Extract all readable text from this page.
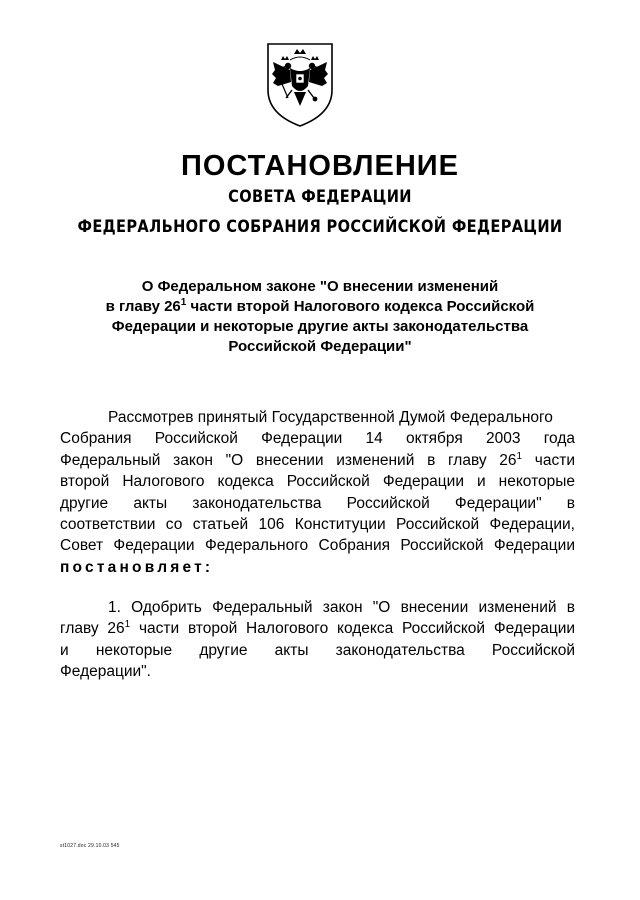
ПОСТАНОВЛЕНИЕ
СОВЕТА ФЕДЕРАЦИИ
ФЕДЕРАЛЬНОГО СОБРАНИЯ РОССИЙСКОЙ ФЕДЕРАЦИИ
О Федеральном законе "О внесении изменений
в главу $26^1$ части второй Налогового кодекса Российской
Федерации и некоторые другие акты законодательства
Российской Федерации"
Рассмотрев принятый Государственной Думой Федерального
Собрания Российской Федерации 14 октября 2003 года
Федеральный закон "О внесении изменений в главу $26^1$ части
второй Налогового кодекса Российской Федерации и некоторые
другие акты законодательства Российской Федерации" в
соответствии со статьей 106 Конституции Российской Федерации,
Совет Федерации Федерального Собрания Российской Федерации
постановляет:
1. Одобрить Федеральный закон "О внесении изменений в
главу $26^1$ части второй Налогового кодекса Российской Федерации
и некоторые другие акты законодательства Российской
Федерации".
st1027.doc 29.10.03 545
